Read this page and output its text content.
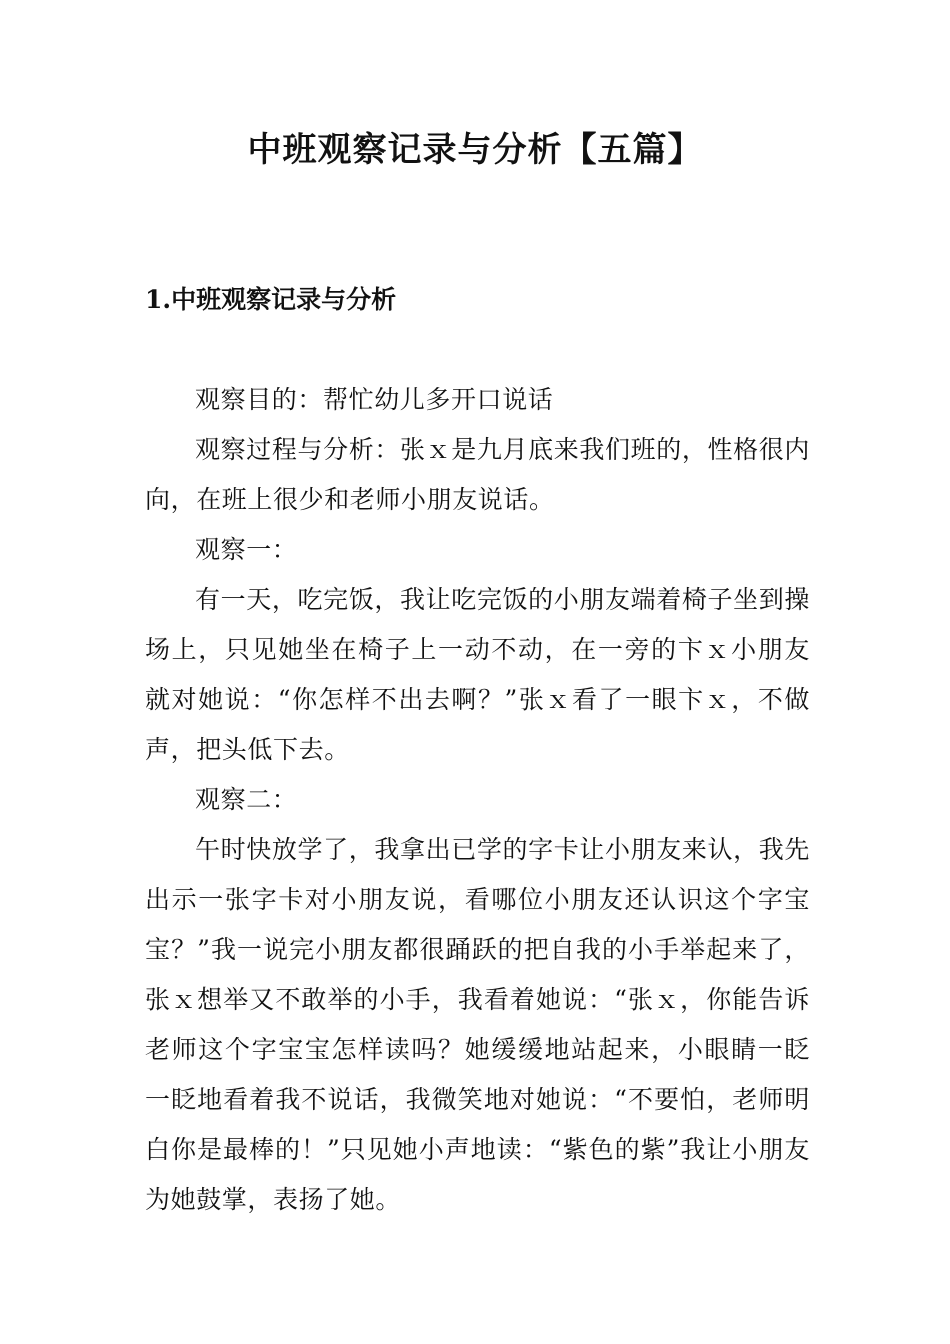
中班观察记录与分析【五篇】
1.中班观察记录与分析

观察目的：帮忙幼儿多开口说话

观察过程与分析：张ｘ是九月底来我们班的，性格很内向，在班上很少和老师小朋友说话。

观察一：

有一天，吃完饭，我让吃完饭的小朋友端着椅子坐到操场上，只见她坐在椅子上一动不动，在一旁的卞ｘ小朋友就对她说：“你怎样不出去啊？”张ｘ看了一眼卞ｘ，不做声，把头低下去。

观察二：

午时快放学了，我拿出已学的字卡让小朋友来认，我先出示一张字卡对小朋友说，看哪位小朋友还认识这个字宝宝？”我一说完小朋友都很踊跃的把自我的小手举起来了，张ｘ想举又不敢举的小手，我看着她说：“张ｘ，你能告诉老师这个字宝宝怎样读吗？她缓缓地站起来，小眼睛一眨一眨地看着我不说话，我微笑地对她说：“不要怕，老师明白你是最棒的！”只见她小声地读：“紫色的紫”我让小朋友为她鼓掌，表扬了她。
